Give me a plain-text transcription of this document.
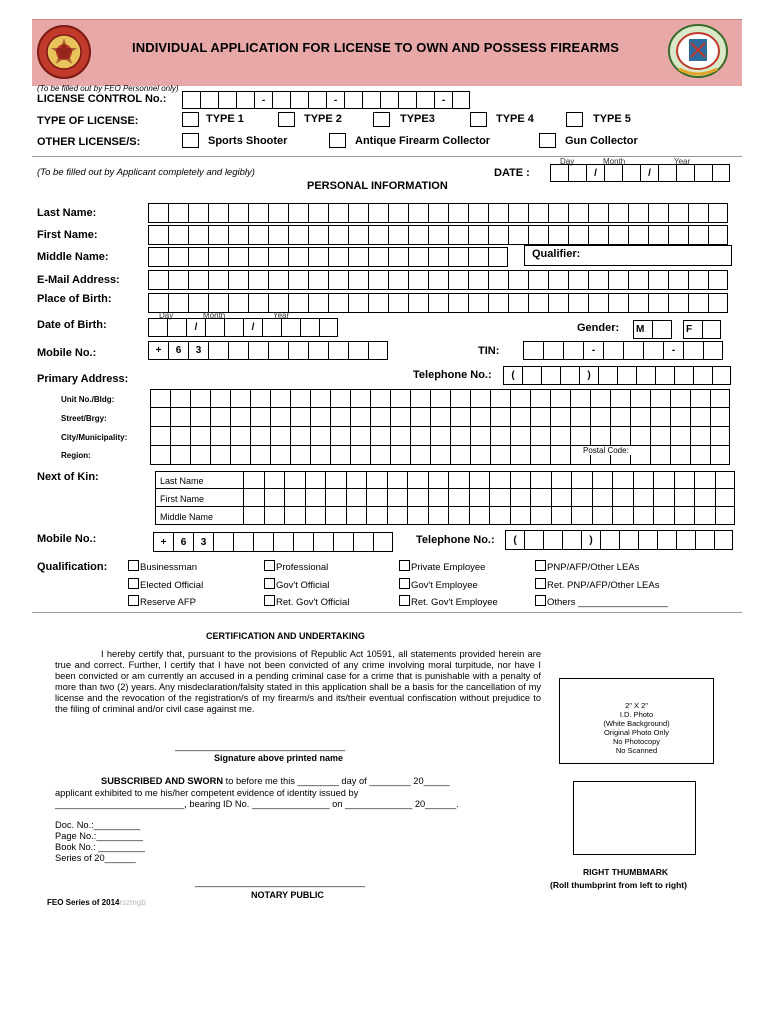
INDIVIDUAL APPLICATION FOR LICENSE TO OWN AND POSSESS FIREARMS
(To be filled out by FEO Personnel only)
LICENSE CONTROL No.:	-	-	-
TYPE OF LICENSE:	TYPE 1	TYPE 2	TYPE3	TYPE 4	TYPE 5
OTHER LICENSE/S:	Sports Shooter	Antique Firearm Collector	Gun Collector
(To be filled out by Applicant completely and legibly)	DATE :
Day	Month	Year
/	/
PERSONAL INFORMATION
Last Name:
First Name:
Middle Name:	Qualifier:
E-Mail Address:
Place of Birth:
Date of Birth:
Day	Month	Year
/	/	Gender:	M	F
Mobile No.:	+	6	3	TIN:	-	-
Primary Address:	Telephone No.:	(	)
Unit No./Bldg:
Street/Brgy:
City/Municipality:
Region:
Postal Code:
Next of Kin:	Last Name
First Name
Middle Name
Mobile No.:	+	6	3	Telephone No.:	(	)
Qualification:	Businessman	Professional	Private Employee	PNP/AFP/Other LEAs
Elected Official	Gov't Official	Gov't Employee	Ret. PNP/AFP/Other LEAs
Reserve AFP	Ret. Gov't Official	Ret. Gov't Employee	Others _________________
CERTIFICATION AND UNDERTAKING
I hereby certify that, pursuant to the provisions of Republic Act 10591, all statements provided herein are true and correct. Further, I certify that I have not been convicted of any crime involving moral turpitude, nor have I been convicted or am currently an accused in a pending criminal case for a crime that is punishable with a penalty of more than two (2) years. Any misdeclaration/falsity stated in this application shall be a basis for the cancellation of my license and the revocation of the registration/s of my firearm/s and its/their eventual confiscation without prejudice to the filing of criminal and/or civil case against me.
__________________________________
Signature above printed name
SUBSCRIBED AND SWORN to before me this ________ day of ________ 20_____
applicant exhibited to me his/her competent evidence of identity issued by
_________________________, bearing ID No. _______________ on _____________ 20______.
Doc. No.:_________
Page No.:_________
Book No.: _________
Series of 20______
__________________________________
NOTARY PUBLIC
2" X 2"
I.D. Photo
(White Background)
Original Photo Only
No Photocopy
No Scanned
RIGHT THUMBMARK
(Roll thumbprint from left to right)
FEO Series of 2014rszmgb
